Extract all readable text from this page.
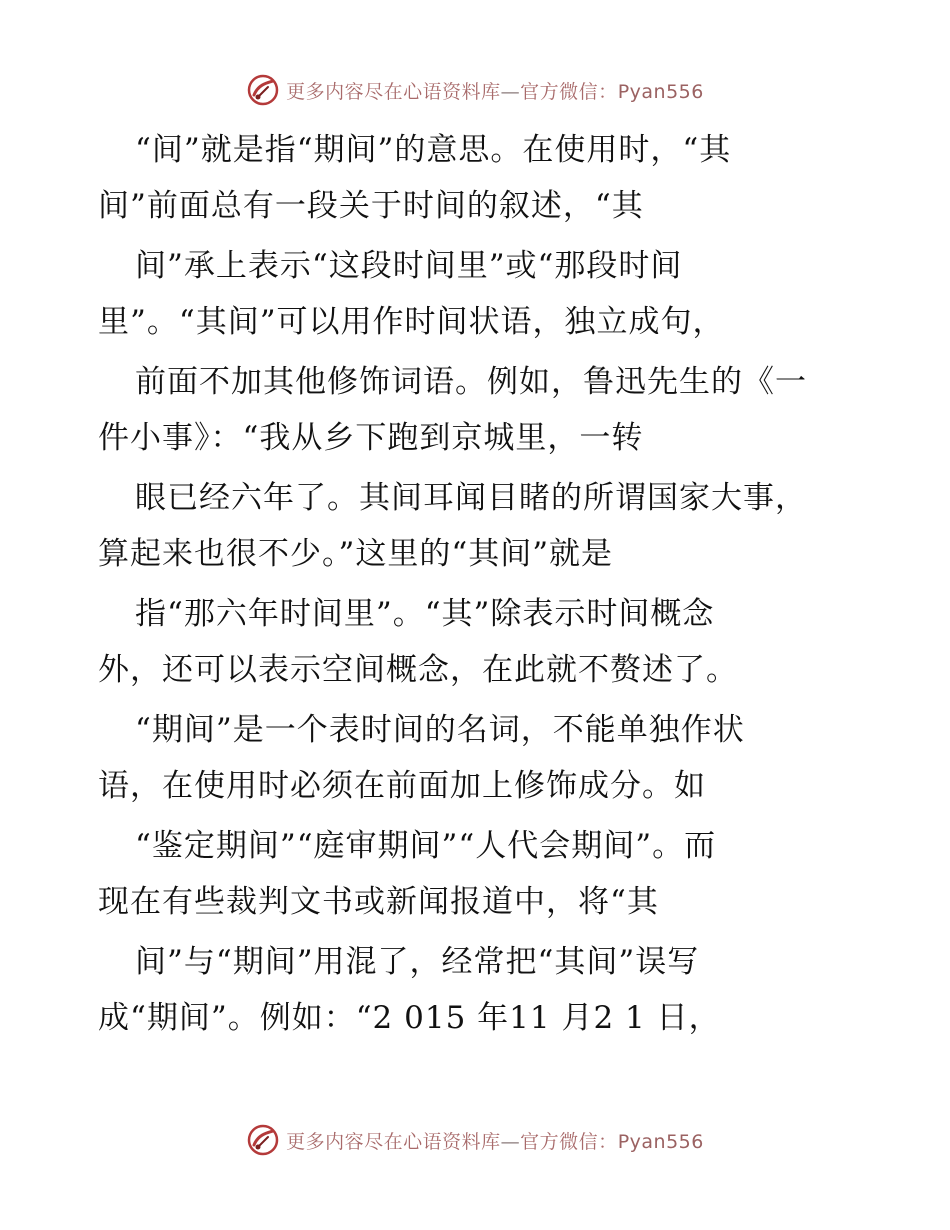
更多内容尽在心语资料库—官方微信：Pyan556
“间”就是指“期间”的意思。在使用时，“其
间”前面总有一段关于时间的叙述，“其
间”承上表示“这段时间里”或“那段时间
里”。“其间”可以用作时间状语，独立成句，
前面不加其他修饰词语。例如，鲁迅先生的《一
件小事》：“我从乡下跑到京城里，一转
眼已经六年了。其间耳闻目睹的所谓国家大事，
算起来也很不少。”这里的“其间”就是
指“那六年时间里”。“其”除表示时间概念
外，还可以表示空间概念，在此就不赘述了。
“期间”是一个表时间的名词，不能单独作状
语，在使用时必须在前面加上修饰成分。如
“鉴定期间”“庭审期间”“人代会期间”。而
现在有些裁判文书或新闻报道中，将“其
间”与“期间”用混了，经常把“其间”误写
成“期间”。例如：“2 015 年11 月2 1 日，
更多内容尽在心语资料库—官方微信：Pyan556
